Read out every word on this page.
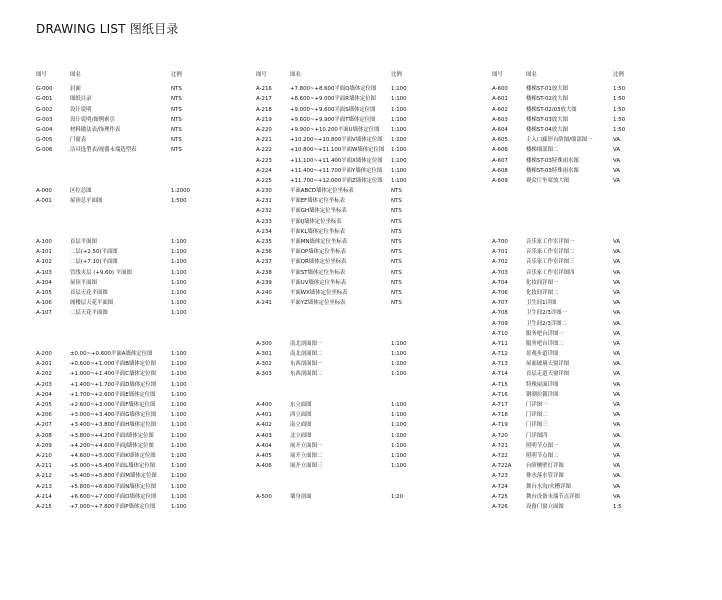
DRAWING LIST 图纸目录
图号	图名	比例
G-000	封面	NTS
G-001	图纸目录	NTS
G-002	设计说明	NTS
G-003	设计说明/图例索引	NTS
G-004	材料做法表/饰理作表	NTS
G-005	门窗表	NTS
G-006	洁具选型表/视器末端选型表	NTS
A-000	区位总图	1:2000
A-001	屋顶总平面图	1:500
A-100	首层平面图	1:100
A-101	二层(+2.50)平面图	1:100
A-102	二层(+7.10)平面图	1:100
A-103	管线夹层 (+9.60) 平面图	1:100
A-104	屋顶平面图	1:100
A-105	首层天花平面图	1:100
A-106	阁楼层天花平面图	1:100
A-107	二层天花平面图	1:100
A-200	±0.00~+0.600平面A墙体定位图	1:100
A-201	+0.600~+1.000平面B墙体定位图	1:100
A-202	+1.000~+1.400平面C墙体定位图	1:100
A-203	+1.400~+1.700平面D墙体定位图	1:100
A-204	+1.700~+2.600平面E墙体定位图	1:100
A-205	+2.600~+3.000平面F墙体定位图	1:100
A-206	+3.000~+3.400平面G墙体定位图	1:100
A-207	+3.400~+3.800平面H墙体定位图	1:100
A-208	+3.800~+4.200平面I墙体定位图	1:100
A-209	+4.200~+4.600平面J墙体定位图	1:100
A-210	+4.600~+5.000平面K墙体定位图	1:100
A-211	+5.000~+5.400平面L墙体定位图	1:100
A-212	+5.400~+5.800平面M墙体定位图	1:100
A-213	+5.800~+6.600平面N墙体定位图	1:100
A-214	+6.600~+7.000平面O墙体定位图	1:100
A-215	+7.000~+7.800平面P墙体定位图	1:100
图号	图名	比例
A-216	+7.800~+8.600平面Q墙体定位图	1:100
A-217	+8.600~+9.000平面R墙体定位图	1:100
A-218	+9.000~+9.600平面S墙体定位图	1:100
A-219	+9.600~+9.900平面T墙体定位图	1:100
A-220	+9.900~+10.200平面U墙体定位图 1:100
A-221	+10.200~+10.800平面V墙体定位图 1:100
A-222	+10.800~+11.100平面W墙体定位图 1:100
A-223	+11.100~+11.400平面X墙体定位图 1:100
A-224	+11.400~+11.700平面Y墙体定位图 1:100
A-225	+11.700~+12.000平面Z墙体定位图 1:100
A-230	平面ABCD墙体定位坐标表	NTS
A-231	平面EF墙体定位坐标表	NTS
A-232	平面GH墙体定位坐标表	NTS
A-233	平面IJ墙体定位坐标表	NTS
A-234	平面KL墙体定位坐标表	NTS
A-235	平面MN墙体定位坐标表	NTS
A-236	平面OP墙体定位坐标表	NTS
A-237	平面QR墙体定位坐标表	NTS
A-238	平面ST墙体定位坐标表	NTS
A-239	平面UV墙体定位坐标表	NTS
A-240	平面WX墙体定位坐标表	NTS
A-241	平面YZ墙体定位坐标表	NTS
A-300	南北剖面图一	1:100
A-301	南北剖面图二	1:100
A-302	东西剖面图一	1:100
A-303	东西剖面图二	1:100
A-400	东立面图	1:100
A-401	西立面图	1:100
A-402	南立面图	1:100
A-403	北立面图	1:100
A-404	展开立面图一	1:100
A-405	展开立面图二	1:100
A-406	展开立面图三	1:100
A-500	墙身剖面	1:20
图号	图名	比例
A-600	楼梯ST-01放大图	1:50
A-601	楼梯ST-02放大图	1:50
A-602	楼梯ST-02/03放大图	1:50
A-603	楼梯ST-03放大图	1:50
A-604	楼梯ST-04放大图	1:50
A-605	主入口廊形台阶图/细部图一	VA
A-606	楼梯细部图二	VA
A-607	楼梯ST-03特殊雨水图	VA
A-608	楼梯ST-03特殊雨水图	VA
A-609	观众厅坐席放大图	VA
A-700	音乐家工作室详图一	VA
A-701	音乐家工作室详图二	VA
A-702	音乐家工作室详图三	VA
A-703	音乐家工作室详图四	VA
A-704	化妆间详图一	VA
A-706	化妆间详图二	VA
A-707	卫生间1详图	VA
A-708	卫生间2/3详图一	VA
A-709	卫生间2/3详图二	VA
A-710	服务吧台详图一	VA
A-711	服务吧台详图二	VA
A-712	景观步道详图	VA
A-713	屋面玻璃天窗详图	VA
A-714	首层走道天窗详图	VA
A-715	特殊屋面详图	VA
A-716	钢制拉锁详图	VA
A-717	门详图一	VA
A-718	门详图二	VA
A-719	门详图三	VA
A-720	门详图四	VA
A-721	照明节点图一	VA
A-722	照明节点图二	VA
A-722A	台阶侧壁灯详图	VA
A-723	排水落水管详图	VA
A-724	舞台水沟/火槽详图	VA
A-725	舞台设备末端节点详图	VA
A-726	设备门窗立面图	1:5
